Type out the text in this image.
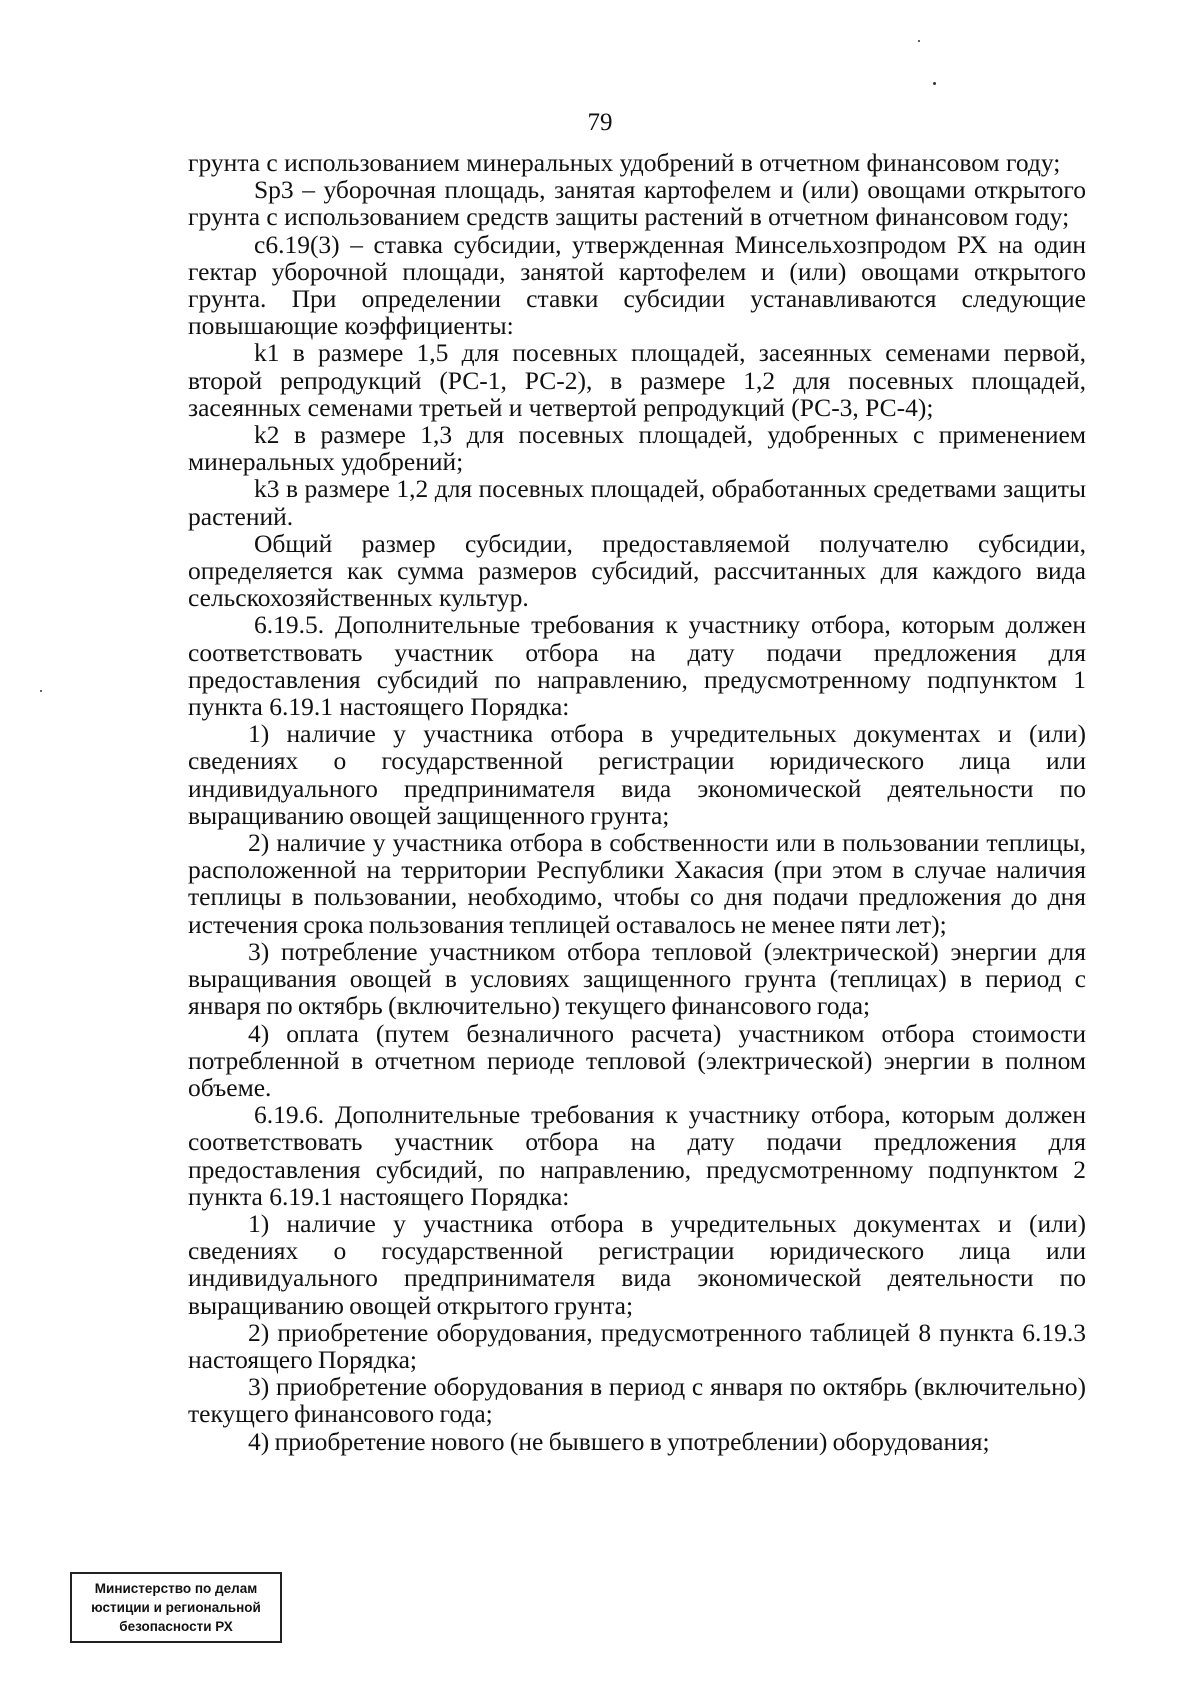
79

грунта с использованием минеральных удобрений в отчетном финансовом году;

Sp3 – уборочная площадь, занятая картофелем и (или) овощами открытого грунта с использованием средств защиты растений в отчетном финансовом году;

c6.19(3) – ставка субсидии, утвержденная Минсельхозпродом РХ на один гектар уборочной площади, занятой картофелем и (или) овощами открытого грунта. При определении ставки субсидии устанавливаются следующие повышающие коэффициенты:

k1 в размере 1,5 для посевных площадей, засеянных семенами первой, второй репродукций (РС-1, РС-2), в размере 1,2 для посевных площадей, засеянных семенами третьей и четвертой репродукций (РС-3, РС-4);

k2 в размере 1,3 для посевных площадей, удобренных с применением минеральных удобрений;

k3 в размере 1,2 для посевных площадей, обработанных средетвами защиты растений.

Общий размер субсидии, предоставляемой получателю субсидии, определяется как сумма размеров субсидий, рассчитанных для каждого вида сельскохозяйственных культур.

6.19.5. Дополнительные требования к участнику отбора, которым должен соответствовать участник отбора на дату подачи предложения для предоставления субсидий по направлению, предусмотренному подпунктом 1 пункта 6.19.1 настоящего Порядка:

1) наличие у участника отбора в учредительных документах и (или) сведениях о государственной регистрации юридического лица или индивидуального предпринимателя вида экономической деятельности по выращиванию овощей защищенного грунта;

2) наличие у участника отбора в собственности или в пользовании теплицы, расположенной на территории Республики Хакасия (при этом в случае наличия теплицы в пользовании, необходимо, чтобы со дня подачи предложения до дня истечения срока пользования теплицей оставалось не менее пяти лет);

3) потребление участником отбора тепловой (электрической) энергии для выращивания овощей в условиях защищенного грунта (теплицах) в период с января по октябрь (включительно) текущего финансового года;

4) оплата (путем безналичного расчета) участником отбора стоимости потребленной в отчетном периоде тепловой (электрической) энергии в полном объеме.

6.19.6. Дополнительные требования к участнику отбора, которым должен соответствовать участник отбора на дату подачи предложения для предоставления субсидий, по направлению, предусмотренному подпунктом 2 пункта 6.19.1 настоящего Порядка:

1) наличие у участника отбора в учредительных документах и (или) сведениях о государственной регистрации юридического лица или индивидуального предпринимателя вида экономической деятельности по выращиванию овощей открытого грунта;

2) приобретение оборудования, предусмотренного таблицей 8 пункта 6.19.3 настоящего Порядка;

3) приобретение оборудования в период с января по октябрь (включительно) текущего финансового года;

4) приобретение нового (не бывшего в употреблении) оборудования;

Министерство по делам
юстиции и региональной
безопасности РХ
